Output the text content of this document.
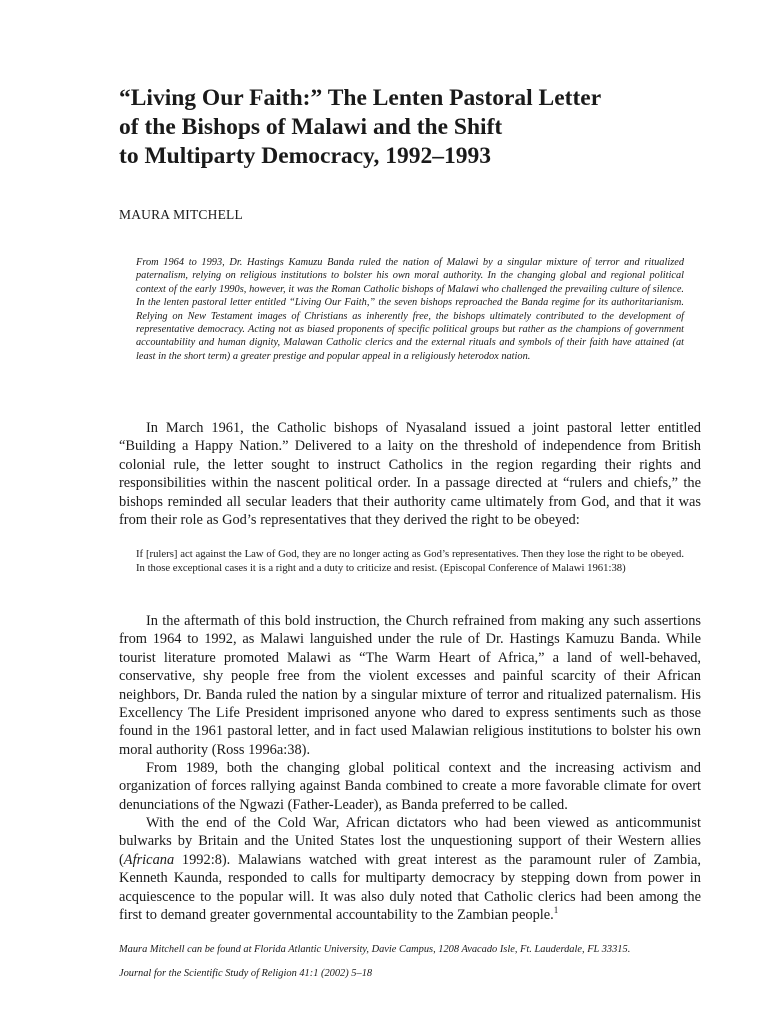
“Living Our Faith:” The Lenten Pastoral Letter
of the Bishops of Malawi and the Shift
to Multiparty Democracy, 1992–1993
MAURA MITCHELL

From 1964 to 1993, Dr. Hastings Kamuzu Banda ruled the nation of Malawi by a singular mixture of terror and ritualized paternalism, relying on religious institutions to bolster his own moral authority. In the changing global and regional political context of the early 1990s, however, it was the Roman Catholic bishops of Malawi who challenged the prevailing culture of silence. In the lenten pastoral letter entitled “Living Our Faith,” the seven bishops reproached the Banda regime for its authoritarianism. Relying on New Testament images of Christians as inherently free, the bishops ultimately contributed to the development of representative democracy. Acting not as biased proponents of specific political groups but rather as the champions of government accountability and human dignity, Malawan Catholic clerics and the external rituals and symbols of their faith have attained (at least in the short term) a greater prestige and popular appeal in a religiously heterodox nation.

In March 1961, the Catholic bishops of Nyasaland issued a joint pastoral letter entitled “Building a Happy Nation.” Delivered to a laity on the threshold of independence from British colonial rule, the letter sought to instruct Catholics in the region regarding their rights and responsibilities within the nascent political order. In a passage directed at “rulers and chiefs,” the bishops reminded all secular leaders that their authority came ultimately from God, and that it was from their role as God’s representatives that they derived the right to be obeyed:

If [rulers] act against the Law of God, they are no longer acting as God’s representatives. Then they lose the right to be obeyed. In those exceptional cases it is a right and a duty to criticize and resist. (Episcopal Conference of Malawi 1961:38)

In the aftermath of this bold instruction, the Church refrained from making any such assertions from 1964 to 1992, as Malawi languished under the rule of Dr. Hastings Kamuzu Banda. While tourist literature promoted Malawi as “The Warm Heart of Africa,” a land of well-behaved, conservative, shy people free from the violent excesses and painful scarcity of their African neighbors, Dr. Banda ruled the nation by a singular mixture of terror and ritualized paternalism. His Excellency The Life President imprisoned anyone who dared to express sentiments such as those found in the 1961 pastoral letter, and in fact used Malawian religious institutions to bolster his own moral authority (Ross 1996a:38).

From 1989, both the changing global political context and the increasing activism and organization of forces rallying against Banda combined to create a more favorable climate for overt denunciations of the Ngwazi (Father-Leader), as Banda preferred to be called.

With the end of the Cold War, African dictators who had been viewed as anticommunist bulwarks by Britain and the United States lost the unquestioning support of their Western allies (Africana 1992:8). Malawians watched with great interest as the paramount ruler of Zambia, Kenneth Kaunda, responded to calls for multiparty democracy by stepping down from power in acquiescence to the popular will. It was also duly noted that Catholic clerics had been among the first to demand greater governmental accountability to the Zambian people.$^1$

Maura Mitchell can be found at Florida Atlantic University, Davie Campus, 1208 Avacado Isle, Ft. Lauderdale, FL 33315.
Journal for the Scientific Study of Religion 41:1 (2002) 5–18
